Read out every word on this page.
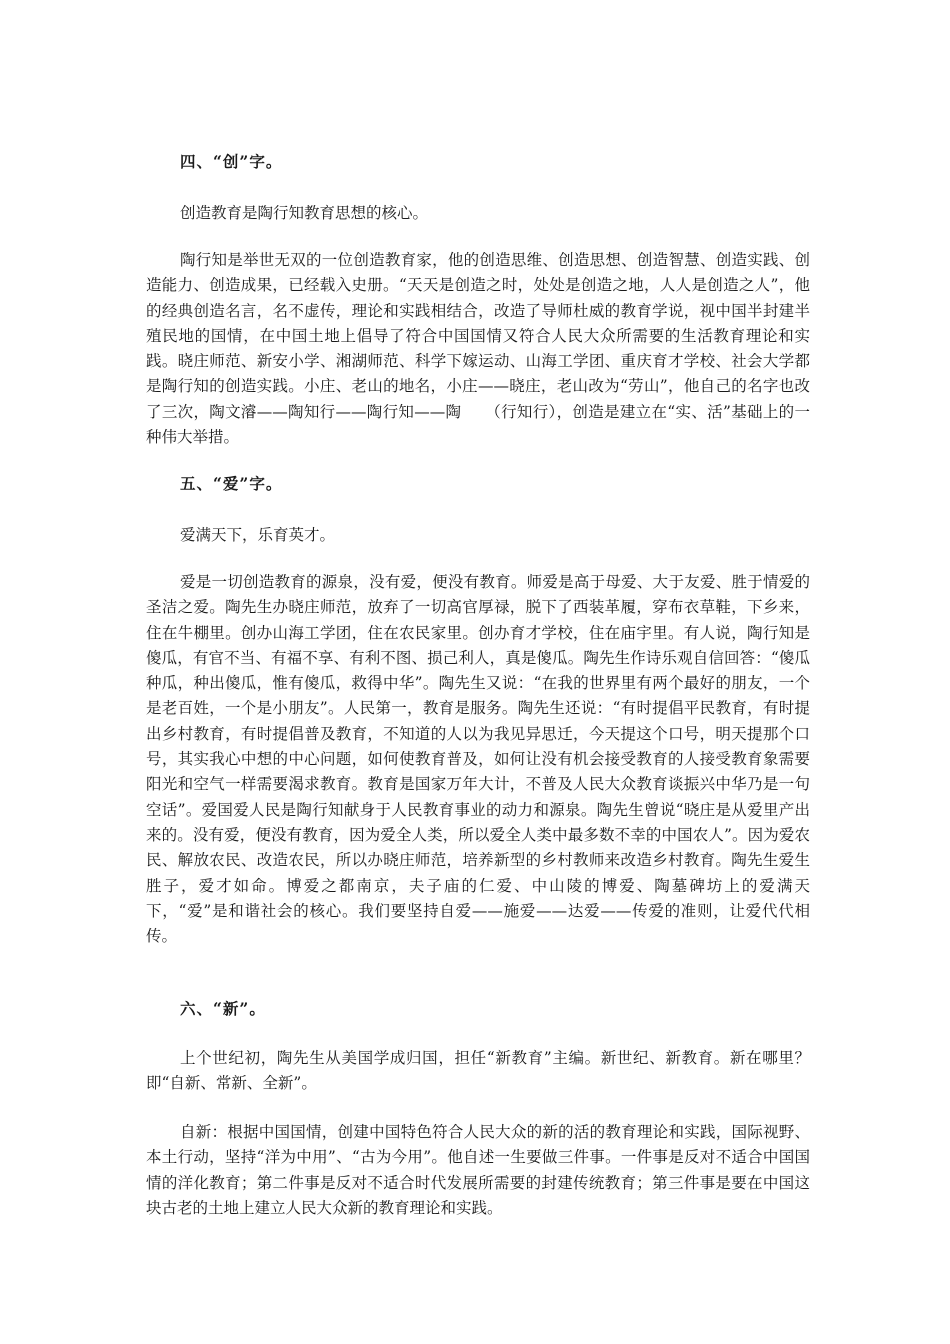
四、“创”字。
创造教育是陶行知教育思想的核心。
陶行知是举世无双的一位创造教育家，他的创造思维、创造思想、创造智慧、创造实践、创造能力、创造成果，已经载入史册。“天天是创造之时，处处是创造之地，人人是创造之人”，他的经典创造名言，名不虚传，理论和实践相结合，改造了导师杜威的教育学说，视中国半封建半殖民地的国情，在中国土地上倡导了符合中国国情又符合人民大众所需要的生活教育理论和实践。晓庄师范、新安小学、湘湖师范、科学下嫁运动、山海工学团、重庆育才学校、社会大学都是陶行知的创造实践。小庄、老山的地名，小庄——晓庄，老山改为“劳山”，他自己的名字也改了三次，陶文濬——陶知行——陶行知——陶　　（行知行），创造是建立在“实、活”基础上的一种伟大举措。
五、“爱”字。
爱满天下，乐育英才。
爱是一切创造教育的源泉，没有爱，便没有教育。师爱是高于母爱、大于友爱、胜于情爱的圣洁之爱。陶先生办晓庄师范，放弃了一切高官厚禄，脱下了西装革履，穿布衣草鞋，下乡来，住在牛棚里。创办山海工学团，住在农民家里。创办育才学校，住在庙宇里。有人说，陶行知是傻瓜，有官不当、有福不享、有利不图、损己利人，真是傻瓜。陶先生作诗乐观自信回答：“傻瓜种瓜，种出傻瓜，惟有傻瓜，救得中华”。陶先生又说：“在我的世界里有两个最好的朋友，一个是老百姓，一个是小朋友”。人民第一，教育是服务。陶先生还说：“有时提倡平民教育，有时提出乡村教育，有时提倡普及教育，不知道的人以为我见异思迁，今天提这个口号，明天提那个口号，其实我心中想的中心问题，如何使教育普及，如何让没有机会接受教育的人接受教育象需要阳光和空气一样需要渴求教育。教育是国家万年大计，不普及人民大众教育谈振兴中华乃是一句空话”。爱国爱人民是陶行知献身于人民教育事业的动力和源泉。陶先生曾说“晓庄是从爱里产出来的。没有爱，便没有教育，因为爱全人类，所以爱全人类中最多数不幸的中国农人”。因为爱农民、解放农民、改造农民，所以办晓庄师范，培养新型的乡村教师来改造乡村教育。陶先生爱生胜子，爱才如命。博爱之都南京，夫子庙的仁爱、中山陵的博爱、陶墓碑坊上的爱满天下，“爱”是和谐社会的核心。我们要坚持自爱——施爱——达爱——传爱的准则，让爱代代相传。
六、“新”。
上个世纪初，陶先生从美国学成归国，担任“新教育”主编。新世纪、新教育。新在哪里？即“自新、常新、全新”。
自新：根据中国国情，创建中国特色符合人民大众的新的活的教育理论和实践，国际视野、本土行动，坚持“洋为中用”、“古为今用”。他自述一生要做三件事。一件事是反对不适合中国国情的洋化教育；第二件事是反对不适合时代发展所需要的封建传统教育；第三件事是要在中国这块古老的土地上建立人民大众新的教育理论和实践。
